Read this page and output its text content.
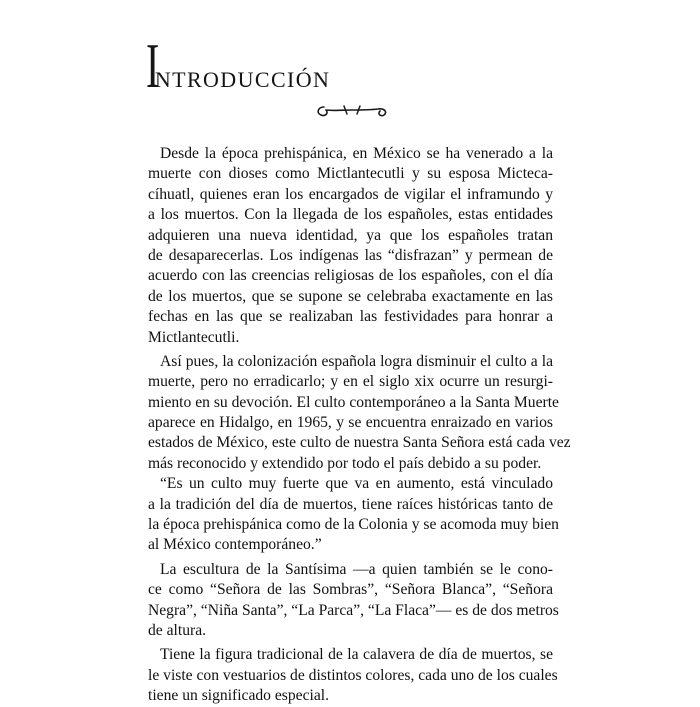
INTRODUCCIÓN
Desde la época prehispánica, en México se ha venerado a la
muerte con dioses como Mictlantecutli y su esposa Micteca-
cíhuatl, quienes eran los encargados de vigilar el inframundo y
a los muertos. Con la llegada de los españoles, estas entidades
adquieren una nueva identidad, ya que los españoles tratan
de desaparecerlas. Los indígenas las “disfrazan” y permean de
acuerdo con las creencias religiosas de los españoles, con el día
de los muertos, que se supone se celebraba exactamente en las
fechas en las que se realizaban las festividades para honrar a
Mictlantecutli.
Así pues, la colonización española logra disminuir el culto a la
muerte, pero no erradicarlo; y en el siglo xix ocurre un resurgi-
miento en su devoción. El culto contemporáneo a la Santa Muerte
aparece en Hidalgo, en 1965, y se encuentra enraizado en varios
estados de México, este culto de nuestra Santa Señora está cada vez
más reconocido y extendido por todo el país debido a su poder.
“Es un culto muy fuerte que va en aumento, está vinculado
a la tradición del día de muertos, tiene raíces históricas tanto de
la época prehispánica como de la Colonia y se acomoda muy bien
al México contemporáneo.”
La escultura de la Santísima —a quien también se le cono-
ce como “Señora de las Sombras”, “Señora Blanca”, “Señora
Negra”, “Niña Santa”, “La Parca”, “La Flaca”— es de dos metros
de altura.
Tiene la figura tradicional de la calavera de día de muertos, se
le viste con vestuarios de distintos colores, cada uno de los cuales
tiene un significado especial.
